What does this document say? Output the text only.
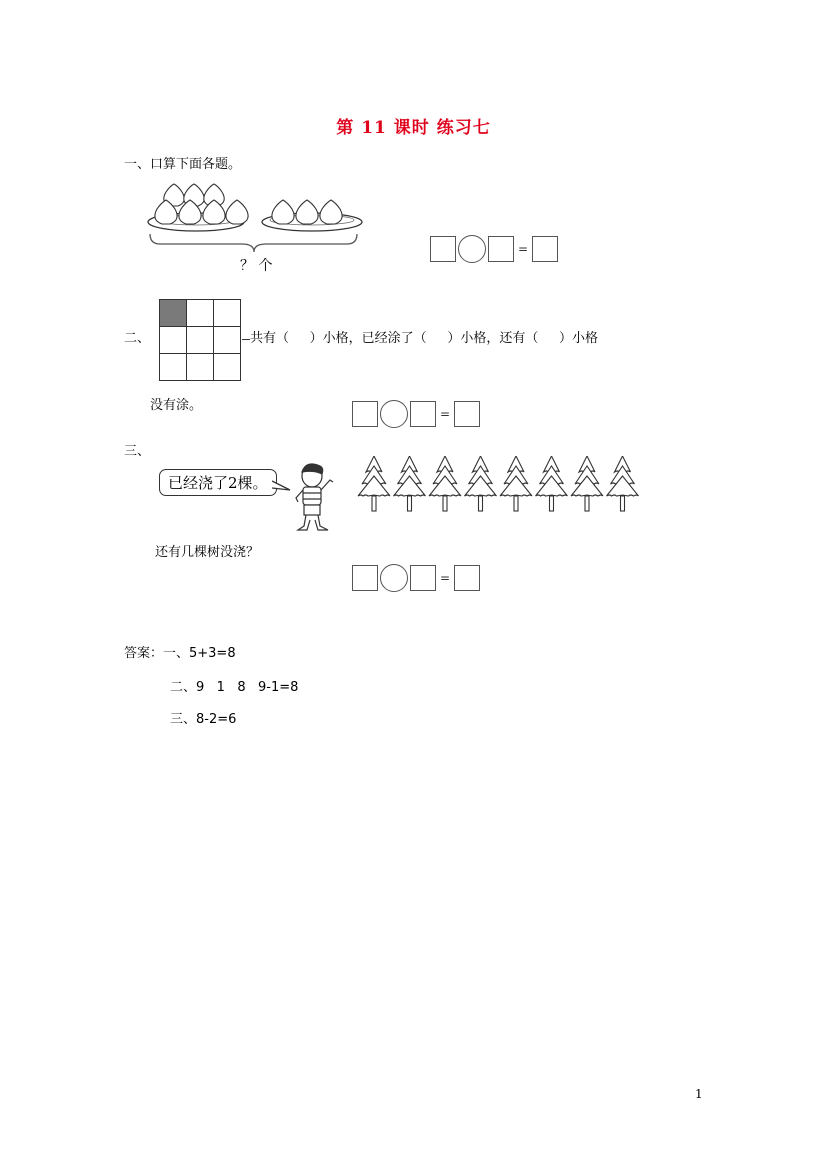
第 11 课时 练习七
一、口算下面各题。
？ 个
=
二、	共有（     ）小格，已经涂了（     ）小格，还有（     ）小格
没有涂。
=
三、
已经浇了2棵。
还有几棵树没浇？
=
答案：一、5+3=8
二、9   1   8   9-1=8
三、8-2=6
1
